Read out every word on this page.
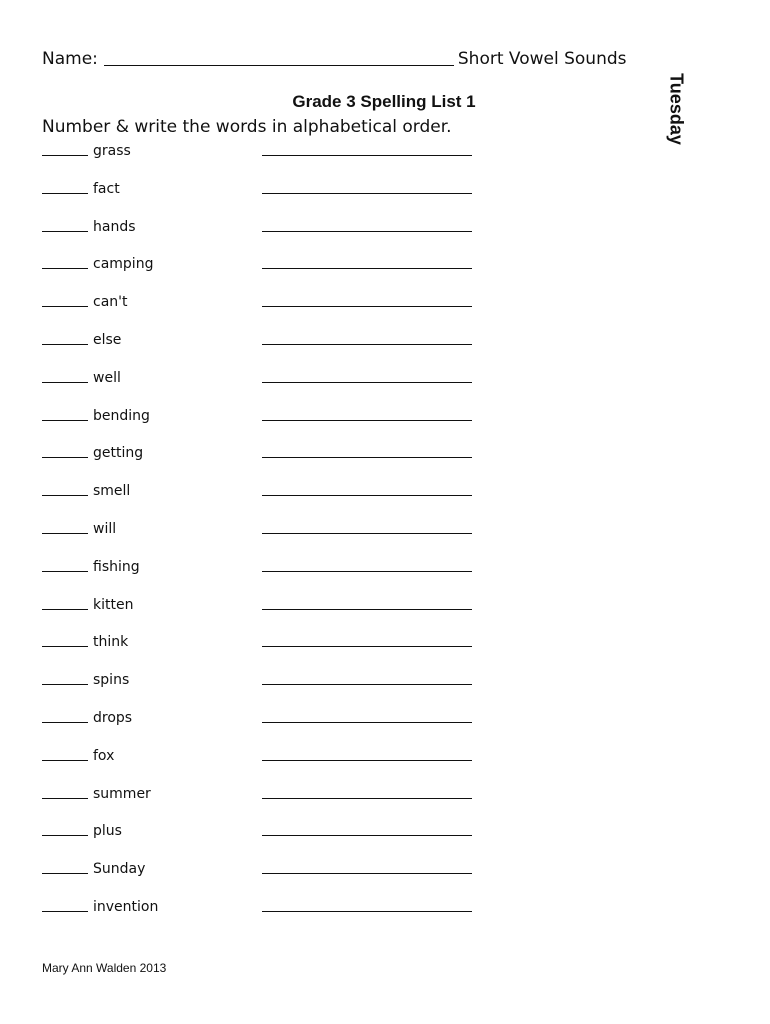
Name:	Short Vowel Sounds
Grade 3 Spelling List 1
Number & write the words in alphabetical order.	Tuesday
grass
fact
hands
camping
can't
else
well
bending
getting
smell
will
fishing
kitten
think
spins
drops
fox
summer
plus
Sunday
invention
Mary Ann Walden 2013
